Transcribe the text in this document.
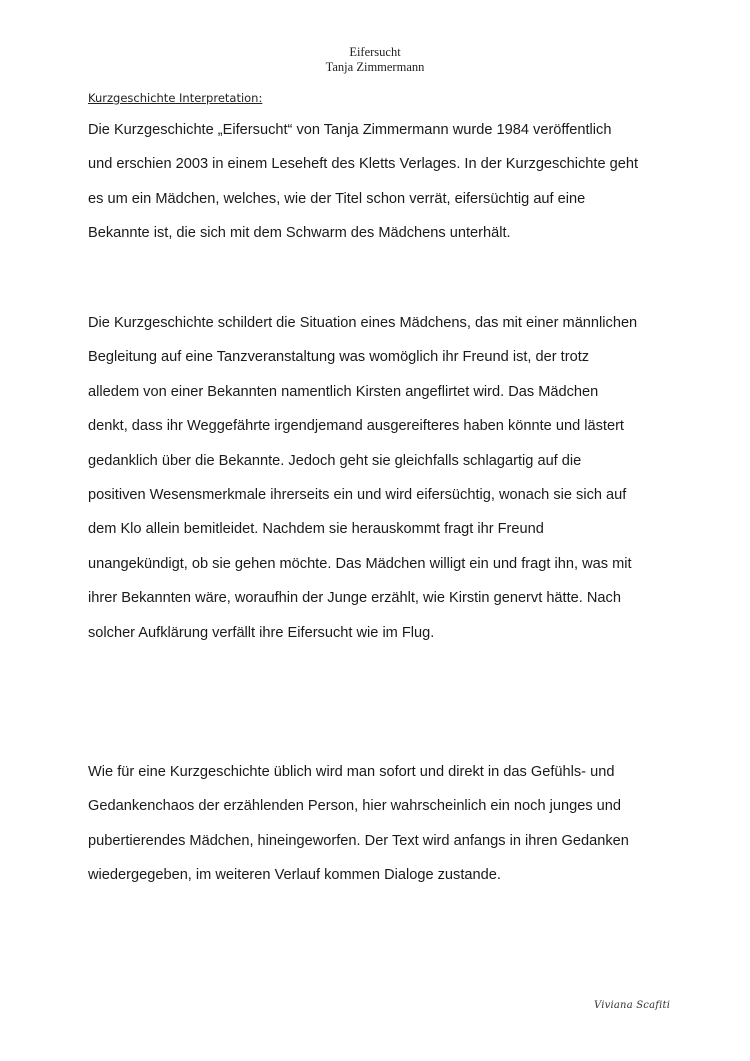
Eifersucht
Tanja Zimmermann
Kurzgeschichte Interpretation:

Die Kurzgeschichte „Eifersucht“ von Tanja Zimmermann wurde 1984 veröffentlich
und erschien 2003 in einem Leseheft des Kletts Verlages. In der Kurzgeschichte geht
es um ein Mädchen, welches, wie der Titel schon verrät, eifersüchtig auf eine
Bekannte ist, die sich mit dem Schwarm des Mädchens unterhält.

Die Kurzgeschichte schildert die Situation eines Mädchens, das mit einer männlichen
Begleitung auf eine Tanzveranstaltung was womöglich ihr Freund ist, der trotz
alledem von einer Bekannten namentlich Kirsten angeflirtet wird. Das Mädchen
denkt, dass ihr Weggefährte irgendjemand ausgereifteres haben könnte und lästert
gedanklich über die Bekannte. Jedoch geht sie gleichfalls schlagartig auf die
positiven Wesensmerkmale ihrerseits ein und wird eifersüchtig, wonach sie sich auf
dem Klo allein bemitleidet. Nachdem sie herauskommt fragt ihr Freund
unangekündigt, ob sie gehen möchte. Das Mädchen willigt ein und fragt ihn, was mit
ihrer Bekannten wäre, woraufhin der Junge erzählt, wie Kirstin genervt hätte. Nach
solcher Aufklärung verfällt ihre Eifersucht wie im Flug.

Wie für eine Kurzgeschichte üblich wird man sofort und direkt in das Gefühls- und
Gedankenchaos der erzählenden Person, hier wahrscheinlich ein noch junges und
pubertierendes Mädchen, hineingeworfen. Der Text wird anfangs in ihren Gedanken
wiedergegeben, im weiteren Verlauf kommen Dialoge zustande.

Viviana Scafiti
